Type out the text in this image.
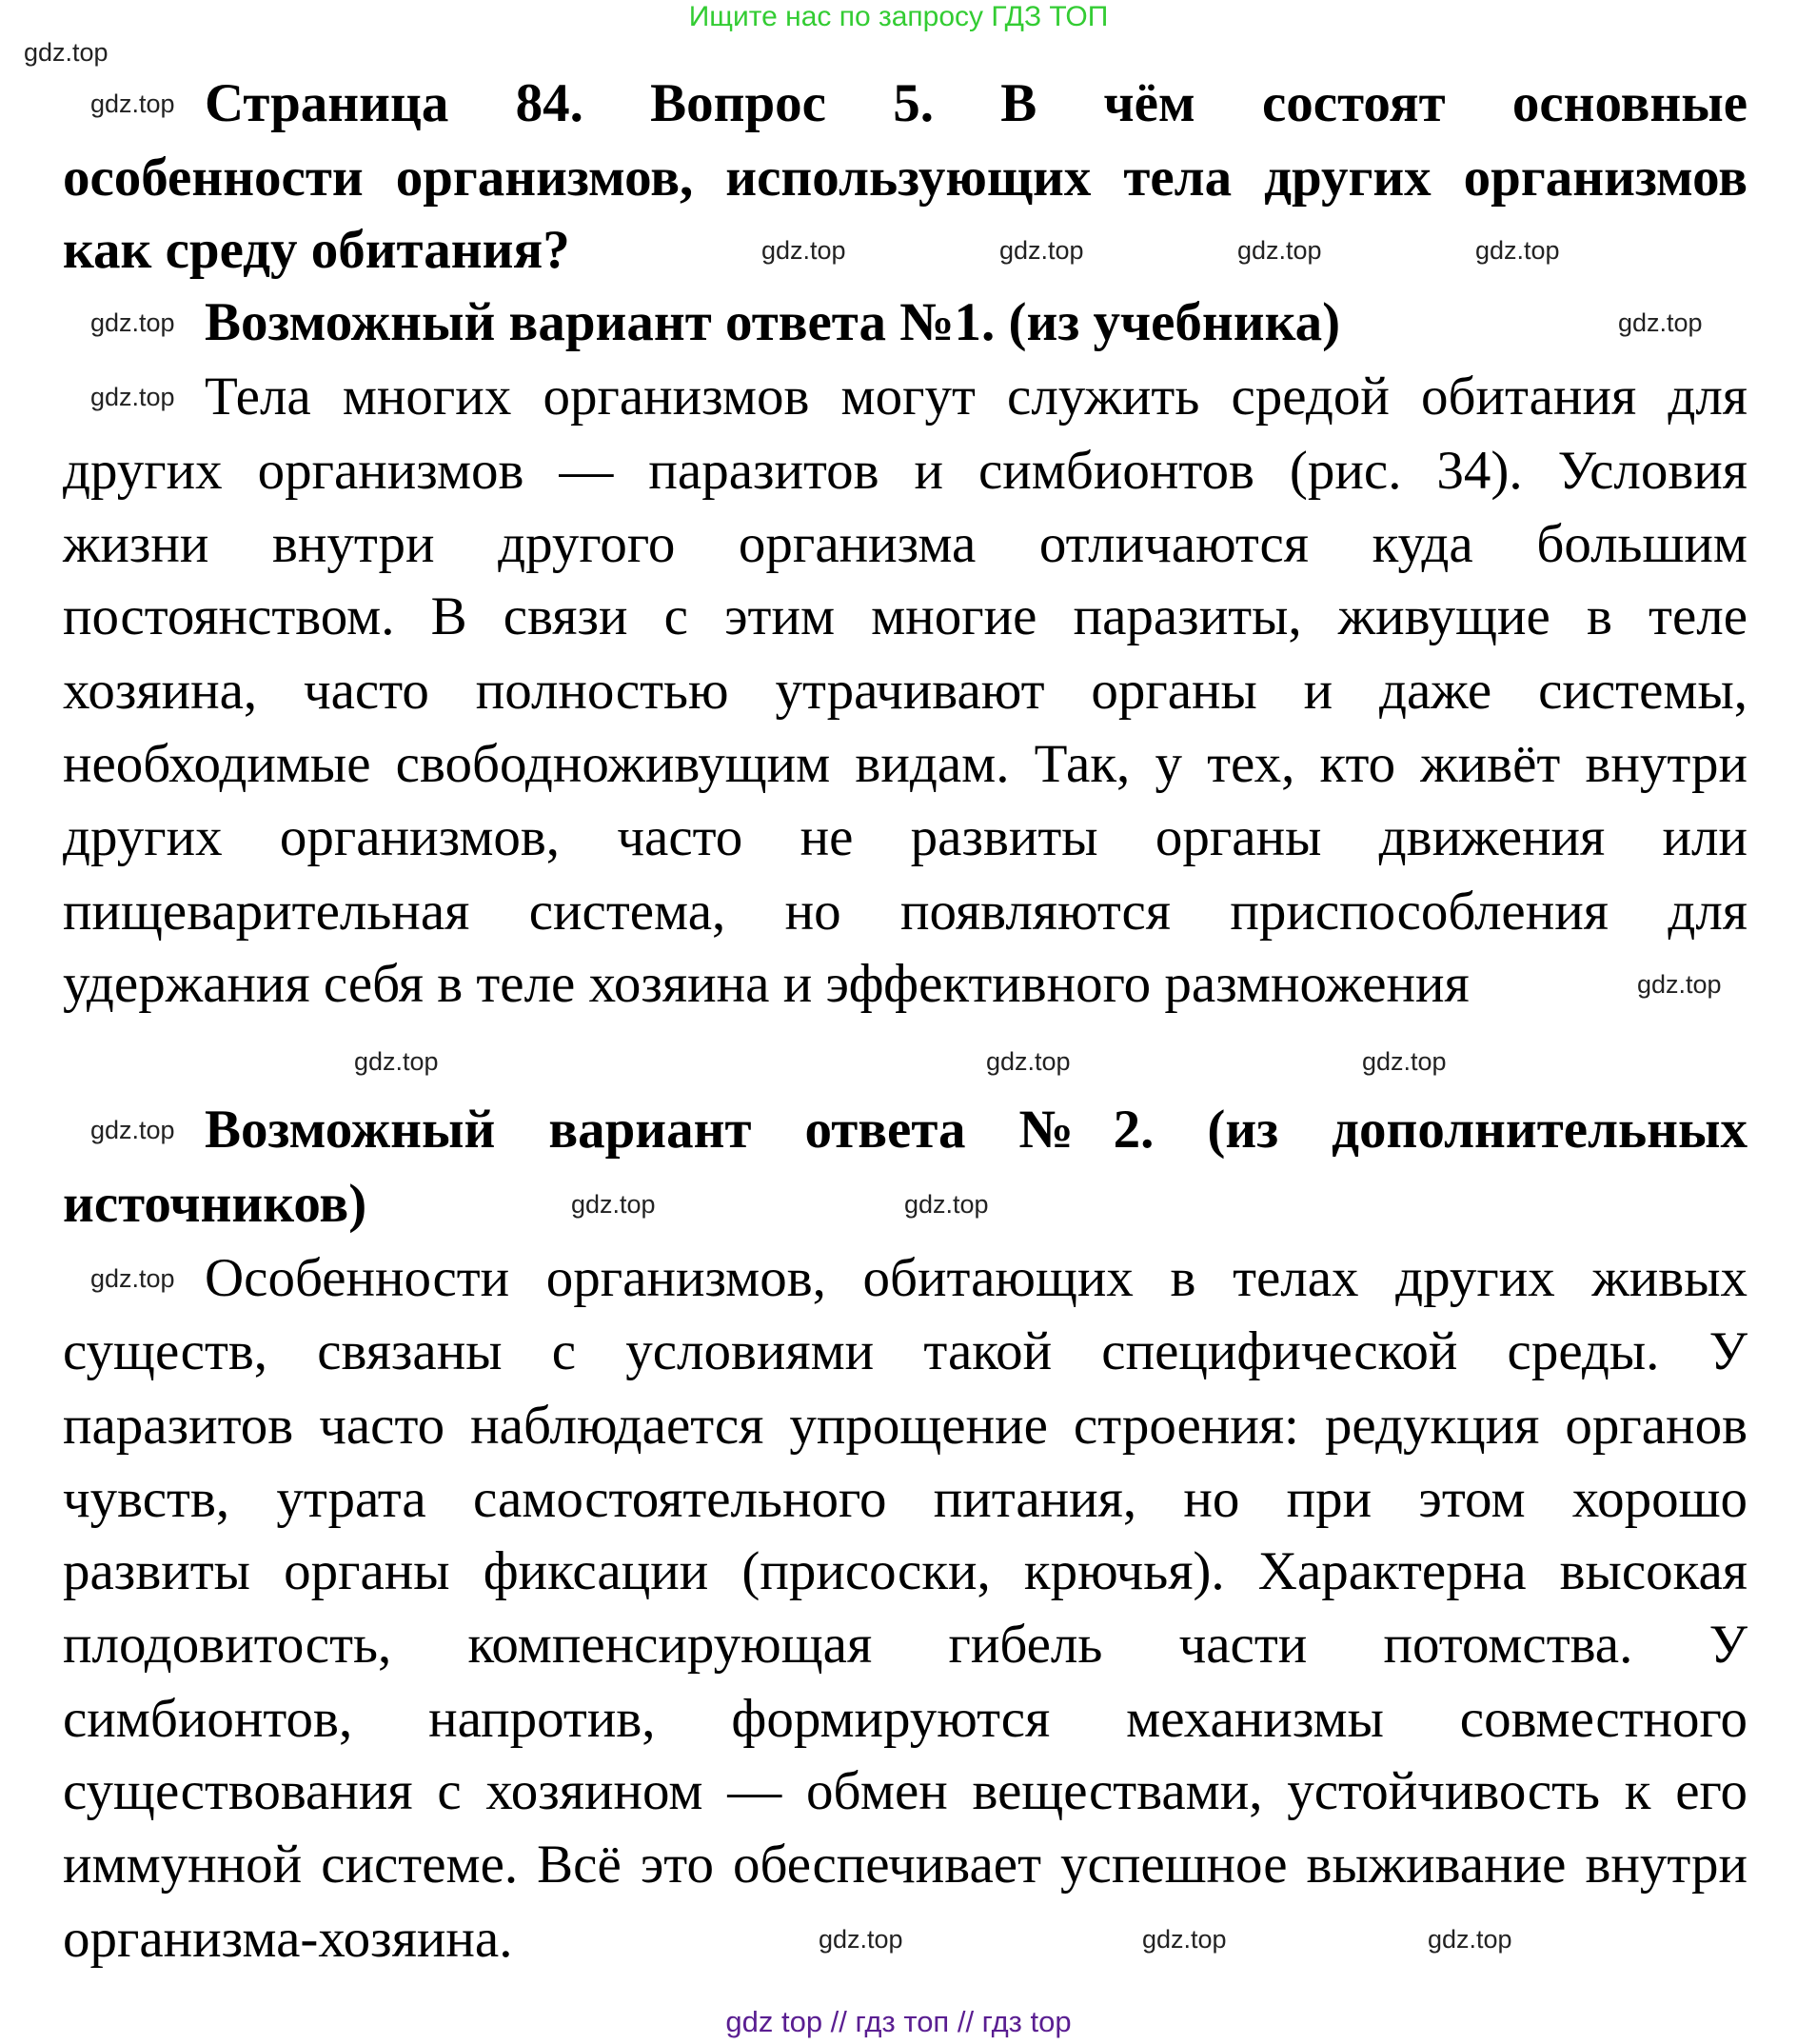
Ищите нас по запросу ГДЗ ТОП
Страница 84. Вопрос 5. В чём состоят основные
особенности организмов, использующих тела других организмов
как среду обитания?
Возможный вариант ответа №1. (из учебника)
Тела многих организмов могут служить средой обитания для
других организмов — паразитов и симбионтов (рис. 34). Условия
жизни внутри другого организма отличаются куда большим
постоянством. В связи с этим многие паразиты, живущие в теле
хозяина, часто полностью утрачивают органы и даже системы,
необходимые свободноживущим видам. Так, у тех, кто живёт внутри
других организмов, часто не развиты органы движения или
пищеварительная система, но появляются приспособления для
удержания себя в теле хозяина и эффективного размножения
Возможный вариант ответа №2. (из дополнительных
источников)
Особенности организмов, обитающих в телах других живых
существ, связаны с условиями такой специфической среды. У
паразитов часто наблюдается упрощение строения: редукция органов
чувств, утрата самостоятельного питания, но при этом хорошо
развиты органы фиксации (присоски, крючья). Характерна высокая
плодовитость, компенсирующая гибель части потомства. У
симбионтов, напротив, формируются механизмы совместного
существования с хозяином — обмен веществами, устойчивость к его
иммунной системе. Всё это обеспечивает успешное выживание внутри
организма-хозяина.
gdz.top
gdz.top
gdz.top	gdz.top	gdz.top	gdz.top
gdz.top	gdz.top
gdz.top
gdz.top
gdz.top	gdz.top	gdz.top
gdz.top
gdz.top	gdz.top
gdz.top
gdz.top	gdz.top	gdz.top
gdz top // гдз топ // гдз top
